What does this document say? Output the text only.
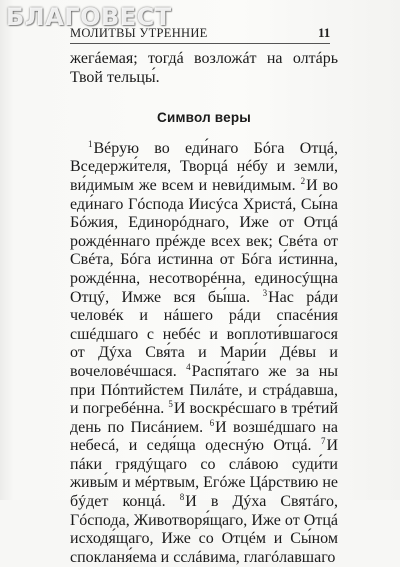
БЛАГОВЕСТ
МОЛИТВЫ УТРЕННИЕ	11

жегáемая; тогдá возложáт на олтáрь Твой тельцы́.

Символ веры

$^1$Вéрую во еди́наго Бóга Отцá, Вседержи́теля, Творцá нéбу и земли́, ви́димым же всем и неви́димым. $^2$И во еди́наго Гóспода Иисýса Христá, Сы́на Бóжия, Единорóднаго, Иже от Отцá рождéннаго прéжде всех век; Свéта от Свéта, Бóга и́стинна от Бóга и́стинна, рождéнна, несотворéнна, единосýщна Отцý, Имже вся бы́ша. $^3$Нас рáди человéк и нáшего рáди спасéния сшéдшаго с небéс и воплоти́вшагося от Дýха Свя́та и Мари́и Дéвы и вочеловéчшася. $^4$Распя́таго же за ны при Пónтийстем Пилáте, и стрáдавша, и погребéнна. $^5$И воскрéсшаго в трéтий день по Писáнием. $^6$И возшéдшаго на небесá, и седя́ща одеснýю Отцá. $^7$И пáки грядýщаго со слáвою суди́ти живы́м и мéртвым, Егóже Цáрствию не бýдет концá. $^8$И в Дýха Святáго, Гóспода, Животворя́щаго, Иже от Отцá исходя́щаго, Иже со Отцéм и Сы́ном спокланя́ема и сслáвима, глагóлавшаго
